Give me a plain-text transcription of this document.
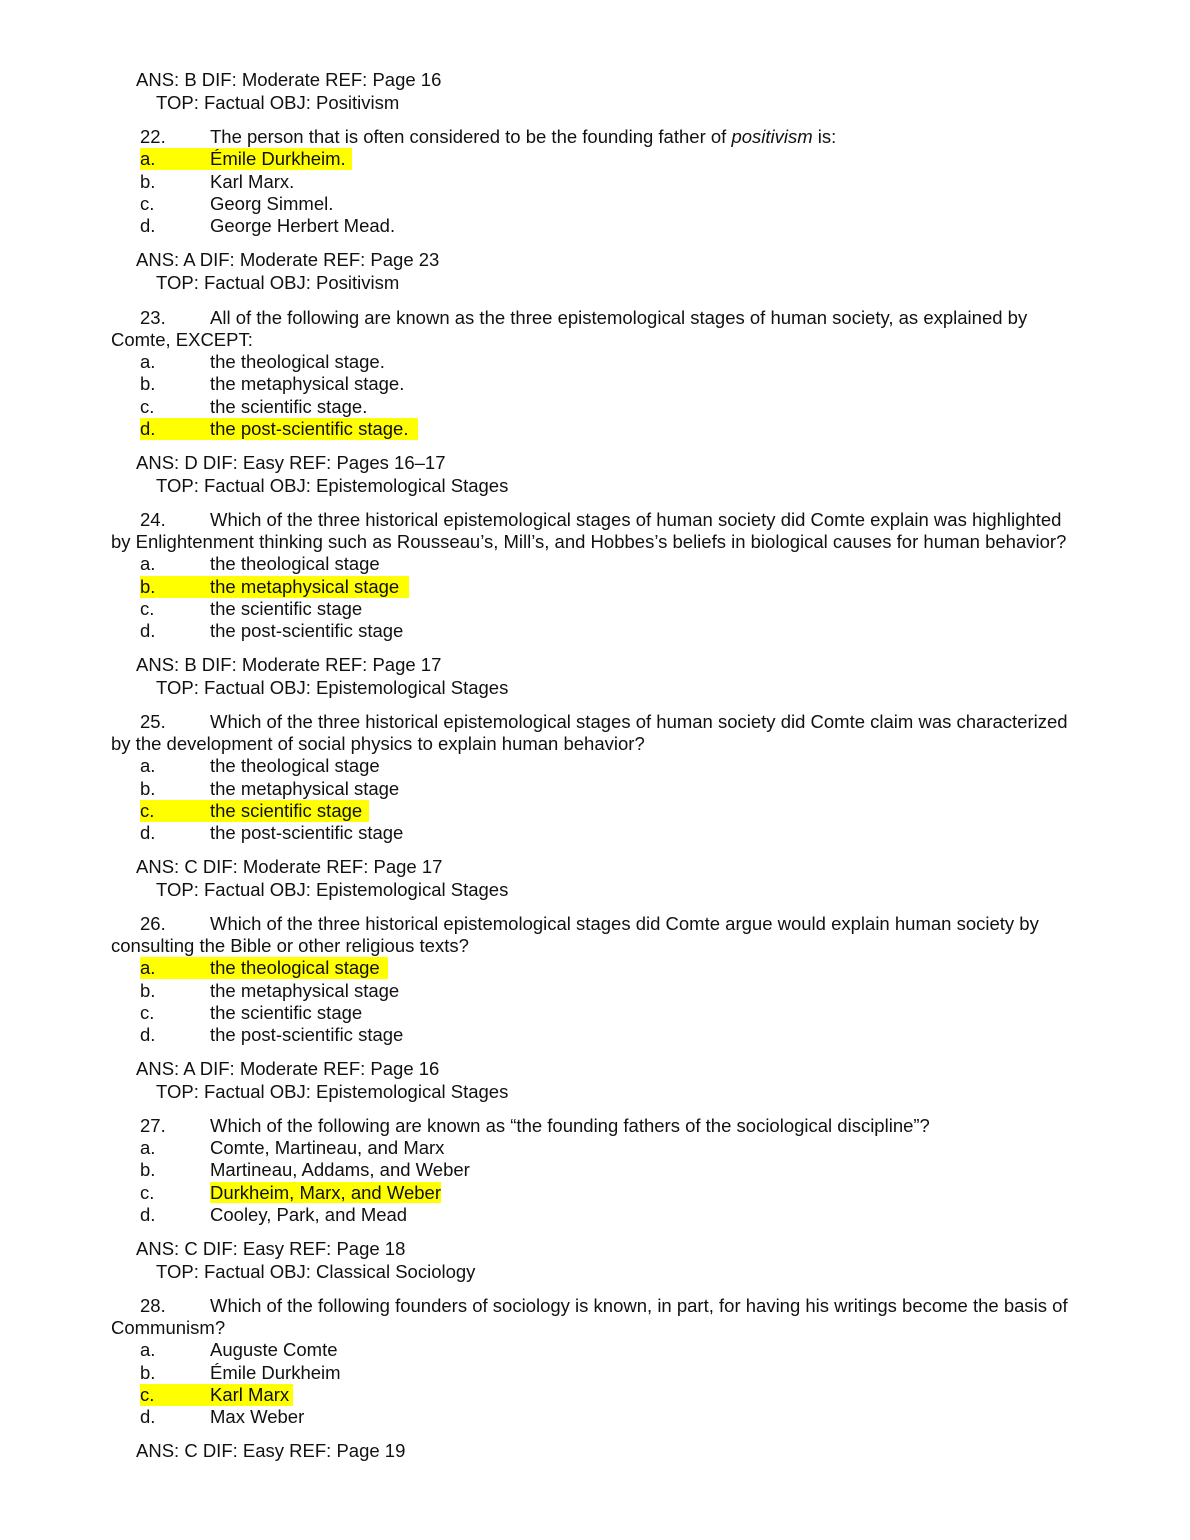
ANS: B DIF: Moderate REF: Page 16
TOP: Factual OBJ: Positivism
22. The person that is often considered to be the founding father of positivism is:
a.	Émile Durkheim.
b.	Karl Marx.
c.	Georg Simmel.
d.	George Herbert Mead.
ANS: A DIF: Moderate REF: Page 23
TOP: Factual OBJ: Positivism
23. All of the following are known as the three epistemological stages of human society, as explained by
Comte, EXCEPT:
a.	the theological stage.
b.	the metaphysical stage.
c.	the scientific stage.
d.	the post-scientific stage.
ANS: D DIF: Easy REF: Pages 16–17
TOP: Factual OBJ: Epistemological Stages
24. Which of the three historical epistemological stages of human society did Comte explain was highlighted
by Enlightenment thinking such as Rousseau’s, Mill’s, and Hobbes’s beliefs in biological causes for human behavior?
a.	the theological stage
b.	the metaphysical stage
c.	the scientific stage
d.	the post-scientific stage
ANS: B DIF: Moderate REF: Page 17
TOP: Factual OBJ: Epistemological Stages
25. Which of the three historical epistemological stages of human society did Comte claim was characterized
by the development of social physics to explain human behavior?
a.	the theological stage
b.	the metaphysical stage
c.	the scientific stage
d.	the post-scientific stage
ANS: C DIF: Moderate REF: Page 17
TOP: Factual OBJ: Epistemological Stages
26. Which of the three historical epistemological stages did Comte argue would explain human society by
consulting the Bible or other religious texts?
a.	the theological stage
b.	the metaphysical stage
c.	the scientific stage
d.	the post-scientific stage
ANS: A DIF: Moderate REF: Page 16
TOP: Factual OBJ: Epistemological Stages
27. Which of the following are known as “the founding fathers of the sociological discipline”?
a.	Comte, Martineau, and Marx
b.	Martineau, Addams, and Weber
c.	Durkheim, Marx, and Weber
d.	Cooley, Park, and Mead
ANS: C DIF: Easy REF: Page 18
TOP: Factual OBJ: Classical Sociology
28. Which of the following founders of sociology is known, in part, for having his writings become the basis of
Communism?
a.	Auguste Comte
b.	Émile Durkheim
c.	Karl Marx
d.	Max Weber
ANS: C DIF: Easy REF: Page 19
